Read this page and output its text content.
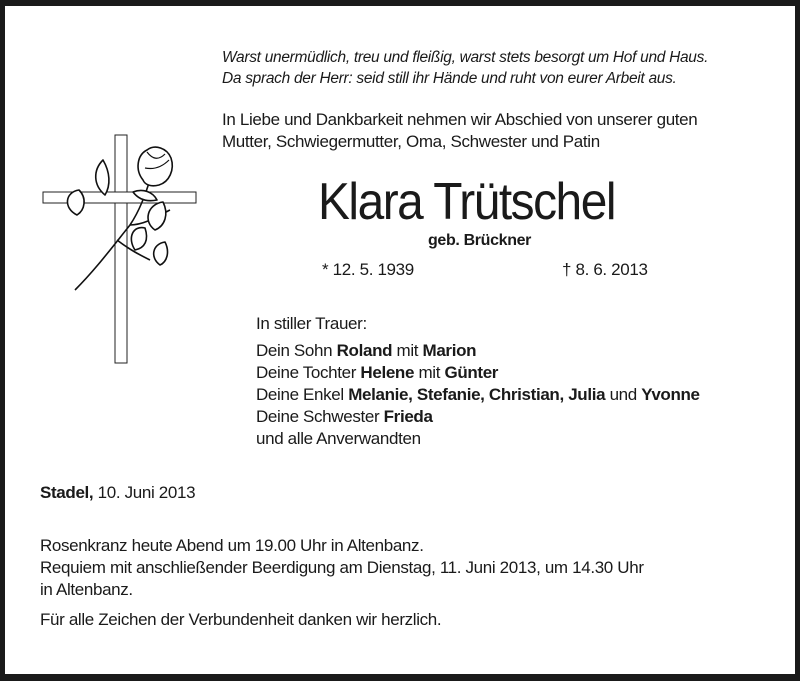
Warst unermüdlich, treu und fleißig, warst stets besorgt um Hof und Haus.
Da sprach der Herr: seid still ihr Hände und ruht von eurer Arbeit aus.
In Liebe und Dankbarkeit nehmen wir Abschied von unserer guten
Mutter, Schwiegermutter, Oma, Schwester und Patin
Klara Trütschel
geb. Brückner
* 12. 5. 1939	† 8. 6. 2013
In stiller Trauer:
Dein Sohn Roland mit Marion
Deine Tochter Helene mit Günter
Deine Enkel Melanie, Stefanie, Christian, Julia und Yvonne
Deine Schwester Frieda
und alle Anverwandten
Stadel, 10. Juni 2013
Rosenkranz heute Abend um 19.00 Uhr in Altenbanz.
Requiem mit anschließender Beerdigung am Dienstag, 11. Juni 2013, um 14.30 Uhr
in Altenbanz.
Für alle Zeichen der Verbundenheit danken wir herzlich.
